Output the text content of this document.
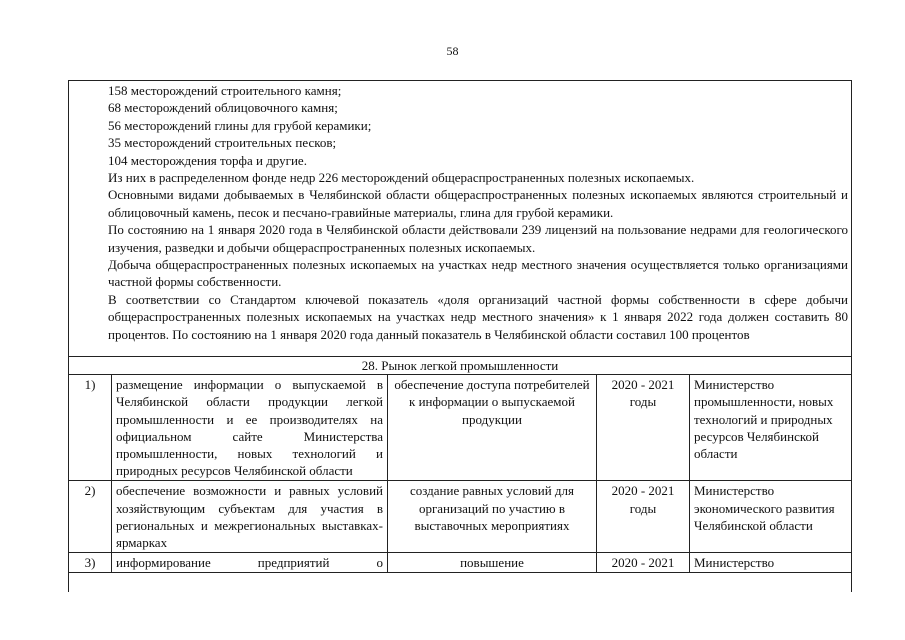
58

158 месторождений строительного камня;

68 месторождений облицовочного камня;

56 месторождений глины для грубой керамики;

35 месторождений строительных песков;

104 месторождения торфа и другие.

Из них в распределенном фонде недр 226 месторождений общераспространенных полезных ископаемых.

Основными видами добываемых в Челябинской области общераспространенных полезных ископаемых являются строительный и облицовочный камень, песок и песчано-гравийные материалы, глина для грубой керамики.

По состоянию на 1 января 2020 года в Челябинской области действовали 239 лицензий на пользование недрами для геологического изучения, разведки и добычи общераспространенных полезных ископаемых.

Добыча общераспространенных полезных ископаемых на участках недр местного значения осуществляется только организациями частной формы собственности.

В соответствии со Стандартом ключевой показатель «доля организаций частной формы собственности в сфере добычи общераспространенных полезных ископаемых на участках недр местного значения» к 1 января 2022 года должен составить 80 процентов. По состоянию на 1 января 2020 года данный показатель в Челябинской области составил 100 процентов

28. Рынок легкой промышленности				
1)	размещение информации о выпускаемой в Челябинской области продукции легкой промышленности и ее производителях на официальном сайте Министерства промышленности, новых технологий и природных ресурсов Челябинской области	обеспечение доступа потребителей к информации о выпускаемой продукции	2020 - 2021 годы	Министерство промышленности, новых технологий и природных ресурсов Челябинской области
2)	обеспечение возможности и равных условий хозяйствующим субъектам для участия в региональных и межрегиональных выставках-ярмарках	создание равных условий для организаций по участию в выставочных мероприятиях	2020 - 2021 годы	Министерство экономического развития Челябинской области
3)	информирование предприятий о	повышение	2020 - 2021	Министерство
